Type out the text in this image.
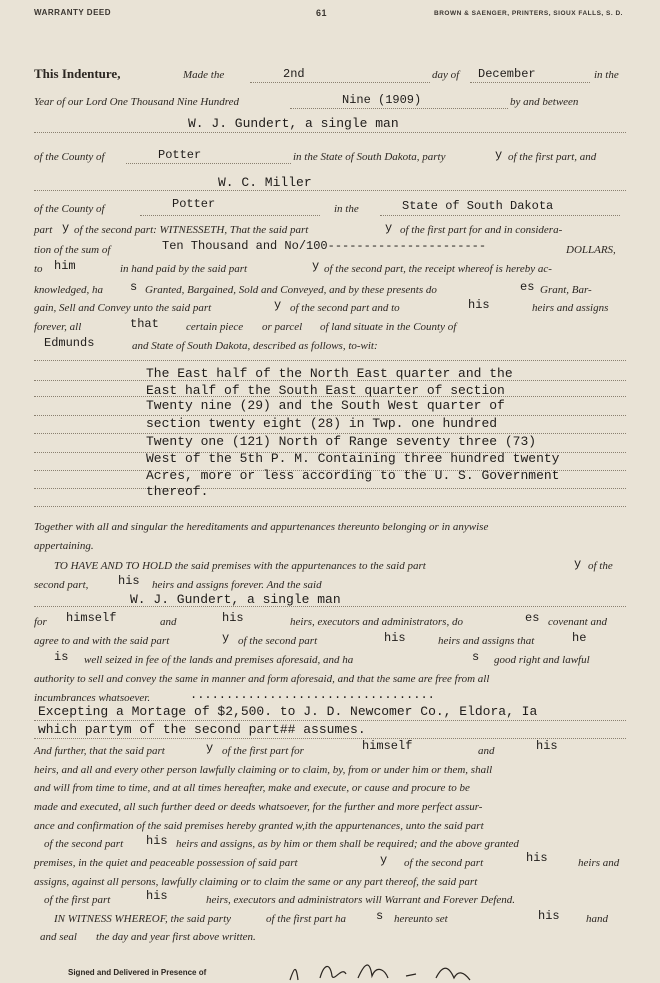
WARRANTY DEED	61	BROWN & SAENGER, PRINTERS, SIOUX FALLS, S. D.
This Indenture,	Made the	2nd	day of December	in the
Year of our Lord One Thousand Nine Hundred	Nine (1909)	by and between
W. J. Gundert, a single man
of the County of	Potter	in the State of South Dakota, party	y of the first part, and
W. C. Miller
of the County of	Potter	in the	State of South Dakota
part y of the second part: WITNESSETH, That the said part	y of the first part for and in considera-
tion of the sum of	Ten Thousand and No/100----------------------	DOLLARS,
to him	in hand paid by the said part	y of the second part, the receipt whereof is hereby ac-
knowledged, ha s Granted, Bargained, Sold and Conveyed, and by these presents do	es Grant, Bar-
gain, Sell and Convey unto the said part	y of the second part and to	his	heirs and assigns
forever, all	that certain piece or parcel of land situate in the County of
Edmunds	and State of South Dakota, described as follows, to-wit:
The East half of the North East quarter and the
East half of the South East quarter of section
Twenty nine (29) and the South West quarter of
section twenty eight (28) in Twp. one hundred
Twenty one (121) North of Range seventy three (73)
West of the 5th P. M. Containing three hundred twenty
Acres, more or less according to the U. S. Government
thereof.
Together with all and singular the hereditaments and appurtenances thereunto belonging or in anywise
appertaining.
TO HAVE AND TO HOLD the said premises with the appurtenances to the said part	y of the
second part, his heirs and assigns forever. And the said
W. J. Gundert, a single man
for himself	and	his	heirs, executors and administrators, do	es covenant and
agree to and with the said part	y of the second part	his	heirs and assigns that	he
is well seized in fee of the lands and premises aforesaid, and ha	s good right and lawful
authority to sell and convey the same in manner and form aforesaid, and that the same are free from all
incumbrances whatsoever.	..................................
Excepting a Mortage of $2,500. to J. D. Newcomer Co., Eldora, Ia
which partym of the second part## assumes.
And further, that the said part	y of the first part for	himself	and	his
heirs, and all and every other person lawfully claiming or to claim, by, from or under him or them, shall
and will from time to time, and at all times hereafter, make and execute, or cause and procure to be
made and executed, all such further deed or deeds whatsoever, for the further and more perfect assur-
ance and confirmation of the said premises hereby granted w,ith the appurtenances, unto the said part
of the second part his heirs and assigns, as by him or them shall be required; and the above granted
premises, in the quiet and peaceable possession of said part	y of the second part	his	heirs and
assigns, against all persons, lawfully claiming or to claim the same or any part thereof, the said part
of the first part	his	heirs, executors and administrators will Warrant and Forever Defend.
IN WITNESS WHEREOF, the said party	of the first part ha s hereunto set	his hand
and seal the day and year first above written.
Signed and Delivered in Presence of
